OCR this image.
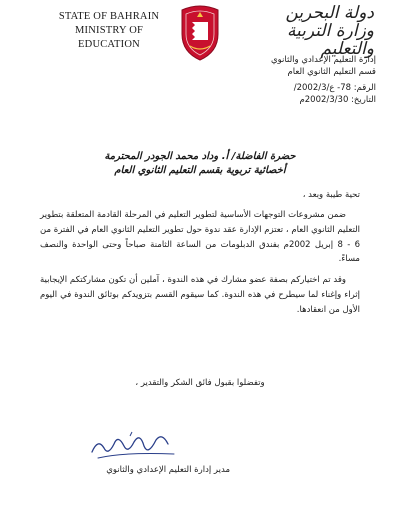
STATE OF BAHRAIN
MINISTRY OF EDUCATION
دولة البحرين
وزارة التربية والتعليم
إدارة التعليم الإعدادي والثانوي
قسم التعليم الثانوي العام
الرقم: 78- ع/2002/3/
التاريخ: 2002/3/30م
حضرة الفاضلة/ أ. وداد محمد الجودر المحترمة
أخصائية تربوية بقسم التعليم الثانوي العام
تحية طيبة وبعد ،

ضمن مشروعات التوجهات الأساسية لتطوير التعليم في المرحلة القادمة المتعلقة بتطوير التعليم الثانوي العام ، تعتزم الإدارة عقد ندوة حول تطوير التعليم الثانوي العام في الفترة من 6 - 8 إبريل 2002م بفندق الدبلومات من الساعة الثامنة صباحاً وحتى الواحدة والنصف مساءً.

وقد تم اختياركم بصفة عضو مشارك في هذه الندوة ، آملين أن تكون مشاركتكم الإيجابية إثراء وإغناء لما سيطرح في هذه الندوة. كما سيقوم القسم بتزويدكم بوثائق الندوة في اليوم الأول من انعقادها.

وتفضلوا بقبول فائق الشكر والتقدير ،
مدير إدارة التعليم الإعدادي والثانوي
